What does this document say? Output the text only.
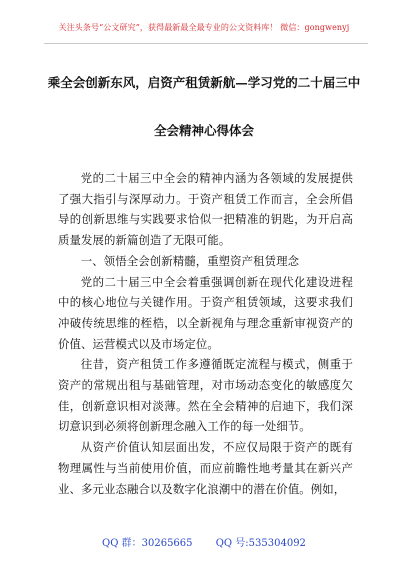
关注头条号“公文研究”，获得最新最全最专业的公文资料库！ 微信：gongwenyj
乘全会创新东风，启资产租赁新航—学习党的二十届三中
全会精神心得体会

党的二十届三中全会的精神内涵为各领域的发展提供了强大指引与深厚动力。于资产租赁工作而言，全会所倡导的创新思维与实践要求恰似一把精准的钥匙，为开启高质量发展的新篇创造了无限可能。

一、领悟全会创新精髓，重塑资产租赁理念

党的二十届三中全会着重强调创新在现代化建设进程中的核心地位与关键作用。于资产租赁领域，这要求我们冲破传统思维的桎梏，以全新视角与理念重新审视资产的价值、运营模式以及市场定位。

往昔，资产租赁工作多遵循既定流程与模式，侧重于资产的常规出租与基础管理，对市场动态变化的敏感度欠佳，创新意识相对淡薄。然在全会精神的启迪下，我们深切意识到必须将创新理念融入工作的每一处细节。

从资产价值认知层面出发，不应仅局限于资产的既有物理属性与当前使用价值，而应前瞻性地考量其在新兴产业、多元业态融合以及数字化浪潮中的潜在价值。例如，

QQ 群：30265665 QQ 号:535304092
